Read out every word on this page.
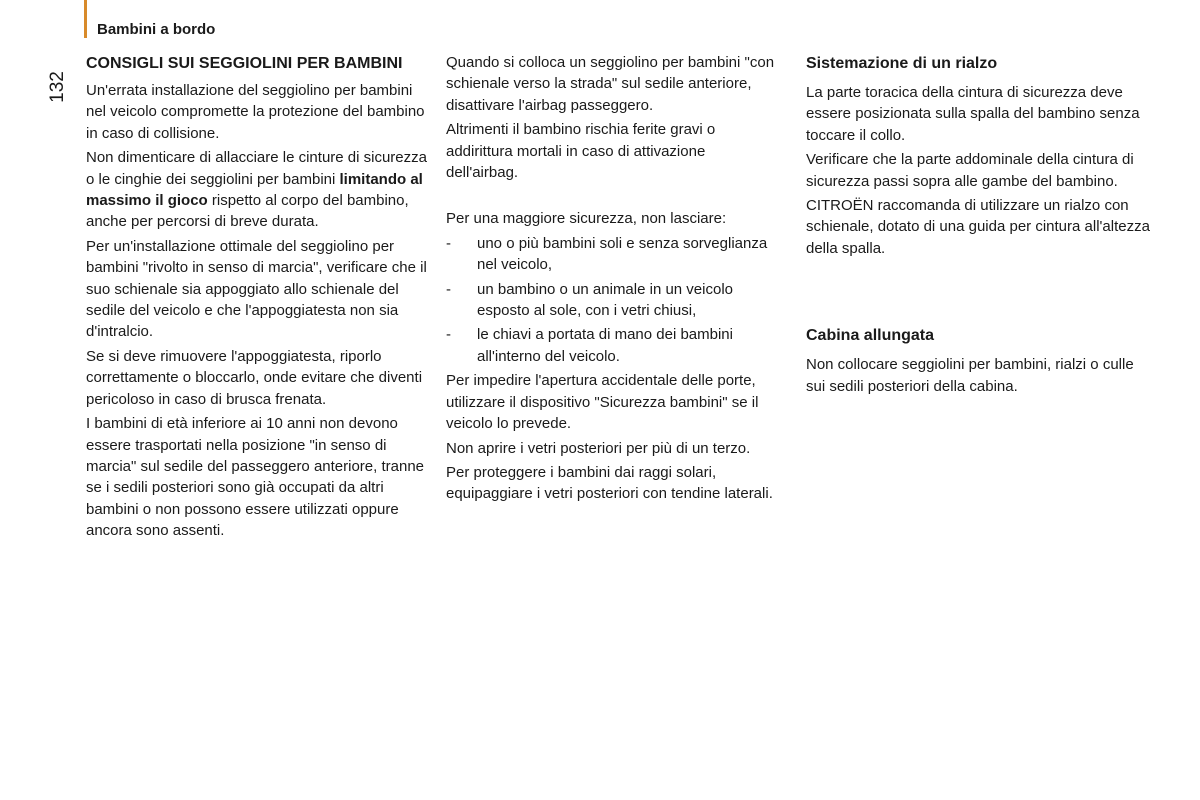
Bambini a bordo
132
CONSIGLI SUI SEGGIOLINI PER BAMBINI

Un'errata installazione del seggiolino per bambini nel veicolo compromette la protezione del bambino in caso di collisione.

Non dimenticare di allacciare le cinture di sicurezza o le cinghie dei seggiolini per bambini limitando al massimo il gioco rispetto al corpo del bambino, anche per percorsi di breve durata.

Per un'installazione ottimale del seggiolino per bambini "rivolto in senso di marcia", verificare che il suo schienale sia appoggiato allo schienale del sedile del veicolo e che l'appoggiatesta non sia d'intralcio.

Se si deve rimuovere l'appoggiatesta, riporlo correttamente o bloccarlo, onde evitare che diventi pericoloso in caso di brusca frenata.

I bambini di età inferiore ai 10 anni non devono essere trasportati nella posizione "in senso di marcia" sul sedile del passeggero anteriore, tranne se i sedili posteriori sono già occupati da altri bambini o non possono essere utilizzati oppure ancora sono assenti.

Quando si colloca un seggiolino per bambini "con schienale verso la strada" sul sedile anteriore, disattivare l'airbag passeggero.

Altrimenti il bambino rischia ferite gravi o addirittura mortali in caso di attivazione dell'airbag.

Per una maggiore sicurezza, non lasciare:

- uno o più bambini soli e senza sorveglianza nel veicolo,
- un bambino o un animale in un veicolo esposto al sole, con i vetri chiusi,
- le chiavi a portata di mano dei bambini all'interno del veicolo.

Per impedire l'apertura accidentale delle porte, utilizzare il dispositivo "Sicurezza bambini" se il veicolo lo prevede.

Non aprire i vetri posteriori per più di un terzo.

Per proteggere i bambini dai raggi solari, equipaggiare i vetri posteriori con tendine laterali.

Sistemazione di un rialzo

La parte toracica della cintura di sicurezza deve essere posizionata sulla spalla del bambino senza toccare il collo.

Verificare che la parte addominale della cintura di sicurezza passi sopra alle gambe del bambino.

CITROËN raccomanda di utilizzare un rialzo con schienale, dotato di una guida per cintura all'altezza della spalla.

Cabina allungata

Non collocare seggiolini per bambini, rialzi o culle sui sedili posteriori della cabina.
